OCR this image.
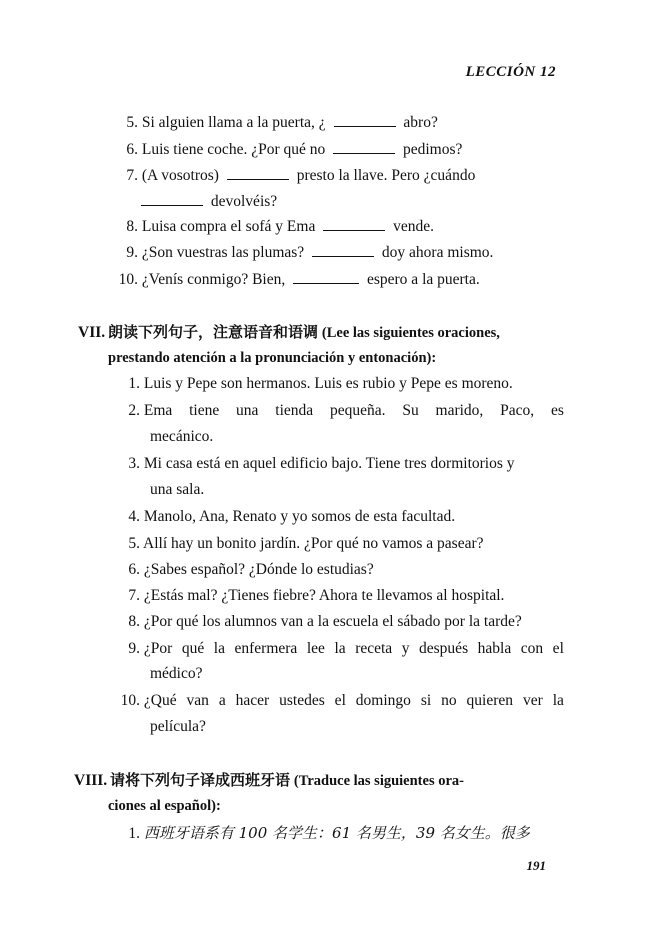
LECCIÓN 12
5. Si alguien llama a la puerta, ¿	abro?
6. Luis tiene coche. ¿Por qué no	pedimos?
7. (A vosotros)	presto la llave. Pero ¿cuándo
devolvéis?
8. Luisa compra el sofá y Ema	vende.
9. ¿Son vuestras las plumas?	doy ahora mismo.
10. ¿Venís conmigo? Bien,	espero a la puerta.
VII. 朗读下列句子，注意语音和语调 (Lee las siguientes oraciones,
prestando atención a la pronunciación y entonación):
1. Luis y Pepe son hermanos. Luis es rubio y Pepe es moreno.
2. Ema tiene una tienda pequeña. Su marido, Paco, es
mecánico.
3. Mi casa está en aquel edificio bajo. Tiene tres dormitorios y
una sala.
4. Manolo, Ana, Renato y yo somos de esta facultad.
5. Allí hay un bonito jardín. ¿Por qué no vamos a pasear?
6. ¿Sabes español? ¿Dónde lo estudias?
7. ¿Estás mal? ¿Tienes fiebre? Ahora te llevamos al hospital.
8. ¿Por qué los alumnos van a la escuela el sábado por la tarde?
9. ¿Por qué la enfermera lee la receta y después habla con el
médico?
10. ¿Qué van a hacer ustedes el domingo si no quieren ver la
película?
VIII. 请将下列句子译成西班牙语 (Traduce las siguientes ora-
ciones al español):
1. 西班牙语系有 100 名学生：61 名男生，39 名女生。很多
191
